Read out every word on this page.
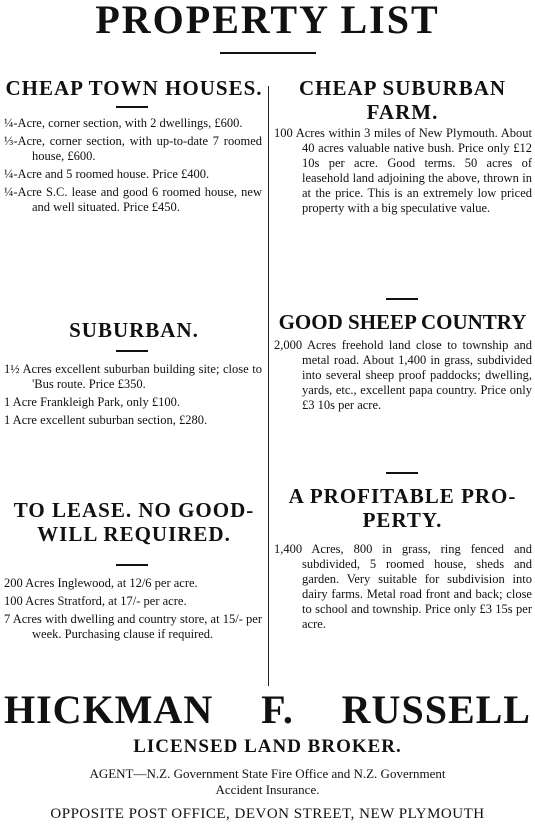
PROPERTY LIST
CHEAP TOWN HOUSES.

¼-Acre, corner section, with 2 dwellings, £600.

⅓-Acre, corner section, with up-to-date 7 roomed house, £600.

¼-Acre and 5 roomed house. Price £400.

¼-Acre S.C. lease and good 6 roomed house, new and well situated. Price £450.

SUBURBAN.

1½ Acres excellent suburban building site; close to 'Bus route. Price £350.

1 Acre Frankleigh Park, only £100.

1 Acre excellent suburban section, £280.

TO LEASE. NO GOOD-
WILL REQUIRED.

200 Acres Inglewood, at 12/6 per acre.

100 Acres Stratford, at 17/- per acre.

7 Acres with dwelling and country store, at 15/- per week. Purchasing clause if required.

CHEAP SUBURBAN
FARM.

100 Acres within 3 miles of New Plymouth. About 40 acres valuable native bush. Price only £12 10s per acre. Good terms. 50 acres of leasehold land adjoining the above, thrown in at the price. This is an extremely low priced property with a big speculative value.

GOOD SHEEP COUNTRY

2,000 Acres freehold land close to township and metal road. About 1,400 in grass, subdivided into several sheep proof paddocks; dwelling, yards, etc., excellent papa country. Price only £3 10s per acre.

A PROFITABLE PRO-
PERTY.

1,400 Acres, 800 in grass, ring fenced and subdivided, 5 roomed house, sheds and garden. Very suitable for subdivision into dairy farms. Metal road front and back; close to school and township. Price only £3 15s per acre.

HICKMAN F. RUSSELL
LICENSED LAND BROKER.
AGENT—N.Z. Government State Fire Office and N.Z. Government
Accident Insurance.
OPPOSITE POST OFFICE, DEVON STREET, NEW PLYMOUTH
